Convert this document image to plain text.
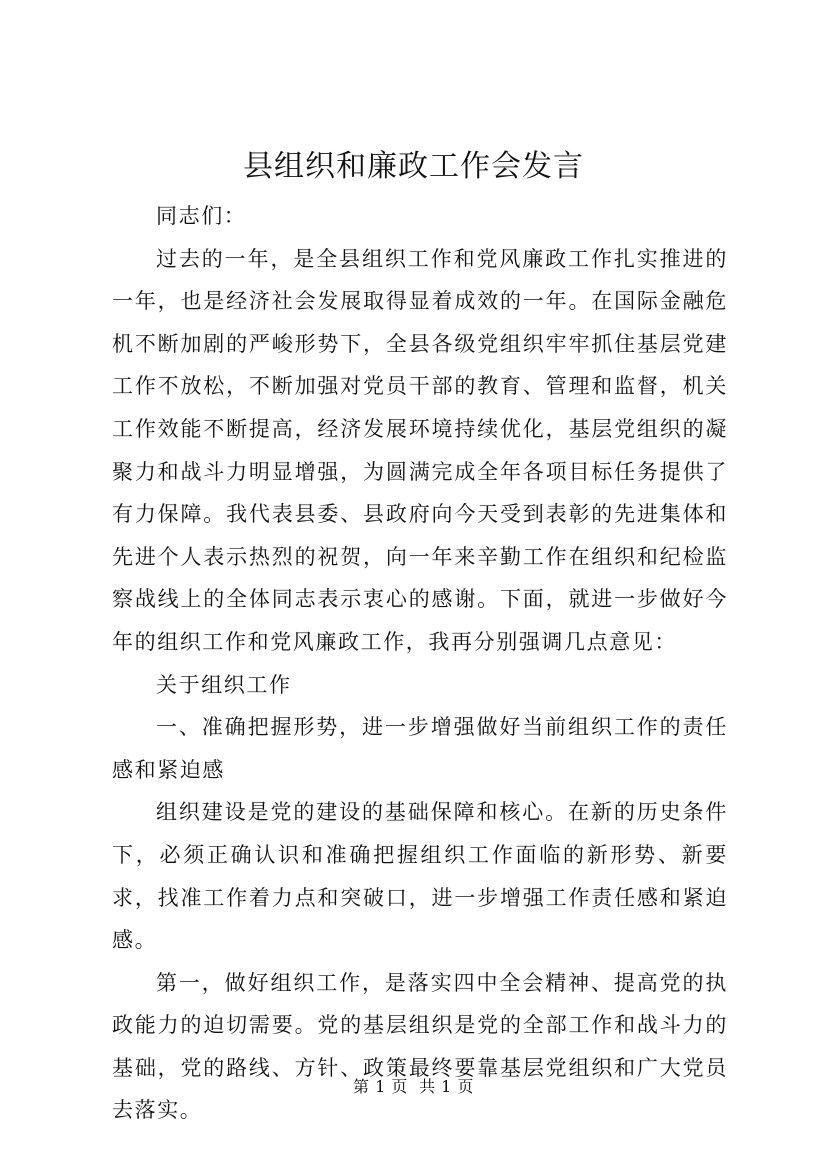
县组织和廉政工作会发言

同志们：

过去的一年，是全县组织工作和党风廉政工作扎实推进的一年，也是经济社会发展取得显着成效的一年。在国际金融危机不断加剧的严峻形势下，全县各级党组织牢牢抓住基层党建工作不放松，不断加强对党员干部的教育、管理和监督，机关工作效能不断提高，经济发展环境持续优化，基层党组织的凝聚力和战斗力明显增强，为圆满完成全年各项目标任务提供了有力保障。我代表县委、县政府向今天受到表彰的先进集体和先进个人表示热烈的祝贺，向一年来辛勤工作在组织和纪检监察战线上的全体同志表示衷心的感谢。下面，就进一步做好今年的组织工作和党风廉政工作，我再分别强调几点意见：

关于组织工作

一、准确把握形势，进一步增强做好当前组织工作的责任感和紧迫感

组织建设是党的建设的基础保障和核心。在新的历史条件下，必须正确认识和准确把握组织工作面临的新形势、新要求，找准工作着力点和突破口，进一步增强工作责任感和紧迫感。

第一，做好组织工作，是落实四中全会精神、提高党的执政能力的迫切需要。党的基层组织是党的全部工作和战斗力的基础，党的路线、方针、政策最终要靠基层党组织和广大党员去落实。

第 1 页  共 1 页
